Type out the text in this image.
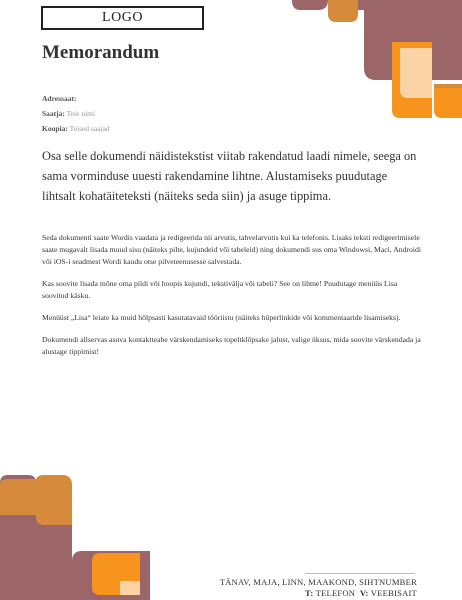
LOGO
Memorandum
Adressaat:
Saatja: Teie nimi
Koopia: Teised saajad

Osa selle dokumendi näidistekstist viitab rakendatud laadi nimele, seega on sama vorminduse uuesti rakendamine lihtne. Alustamiseks puudutage lihtsalt kohatäiteteksti (näiteks seda siin) ja asuge tippima.

Seda dokumenti saate Wordis vaadata ja redigeerida nii arvutis, tahvelarvutis kui ka telefonis. Lisaks teksti redigeerimisele saate mugavalt lisada muud sisu (näiteks pilte, kujundeid või tabeleid) ning dokumendi sus oma Windowsi, Maci, Androidi või iOS-i seadmest Wordi kaudu otse pilveteenusesse salvestada.

Kas soovite lisada mõne oma pildi või hoopis kujundi, tekstivälja või tabeli? See on lihtne! Puudutage menüüs Lisa soovitud käsku.

Menüüst „Lisa“ leiate ka muid hõlpsasti kasutatavaid tööriistu (näiteks hüperlinkide või kommentaaride lisamiseks).

Dokumendi allservas asuva kontaktteabe värskendamiseks topeltklõpsake jalust, valige üksus, mida soovite värskendada ja alustage tippimist!

TÄNAV, MAJA, LINN, MAAKOND, SIHTNUMBER
T: TELEFON V: VEEBISAIT
